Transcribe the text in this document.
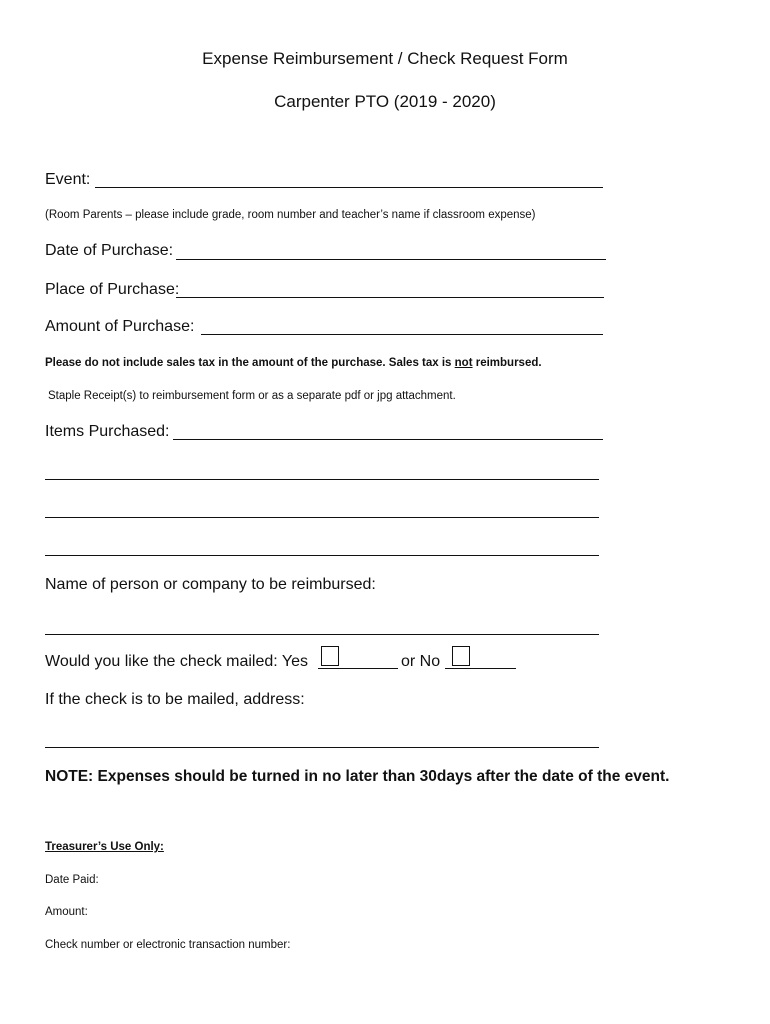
Expense Reimbursement / Check Request Form
Carpenter PTO (2019 - 2020)
Event:
(Room Parents – please include grade, room number and teacher’s name if classroom expense)
Date of Purchase:
Place of Purchase:
Amount of Purchase:
Please do not include sales tax in the amount of the purchase. Sales tax is not reimbursed.
Staple Receipt(s) to reimbursement form or as a separate pdf or jpg attachment.
Items Purchased:
Name of person or company to be reimbursed:
Would you like the check mailed: Yes	or No
If the check is to be mailed, address:
NOTE: Expenses should be turned in no later than 30days after the date of the event.
Treasurer’s Use Only:
Date Paid:
Amount:
Check number or electronic transaction number:
